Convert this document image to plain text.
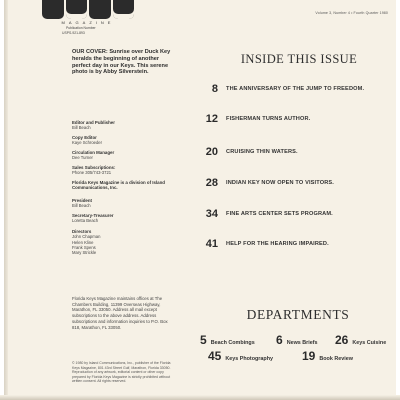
MAGAZINE
Publication Number
USPS-921-893
Volume 3, Number 4 • Fourth Quarter 1980
OUR COVER: Sunrise over Duck Key heralds the beginning of another perfect day in our Keys. This serene photo is by Abby Silverstein.
Editor and Publisher
Bill Beach
Copy Editor
Kaye Schroeder
Circulation Manager
Dee Turner
Sales Subscriptions:
Phone 305/743-3721
Florida Keys Magazine is a division of Island Communications, Inc.
President
Bill Beach
Secretary-Treasurer
Loretta Beach
Directors
John Chapman
Helen Kline
Frank Spens
Mary Strickle
Florida Keys Magazine maintains offices at The Chambers Building, 11399 Overseas Highway, Marathon, FL 33050. Address all mail except subscriptions to the above address. Address subscriptions and information inquiries to P.O. Box 818, Marathon, FL 33050.
© 1980 by Island Communications, Inc., publisher of the Florida Keys Magazine, 801 43rd Street Gulf, Marathon, Florida 33050. Reproduction of any artwork, editorial content or other copy prepared by Florida Keys Magazine is strictly prohibited without written consent. All rights reserved.
INSIDE THIS ISSUE
8 THE ANNIVERSARY OF THE JUMP TO FREEDOM.
12 FISHERMAN TURNS AUTHOR.
20 CRUISING THIN WATERS.
28 INDIAN KEY NOW OPEN TO VISITORS.
34 FINE ARTS CENTER SETS PROGRAM.
41 HELP FOR THE HEARING IMPAIRED.
DEPARTMENTS
5 Beach Combings 6 News Briefs 26 Keys Cuisine
45 Keys Photography 19 Book Review
